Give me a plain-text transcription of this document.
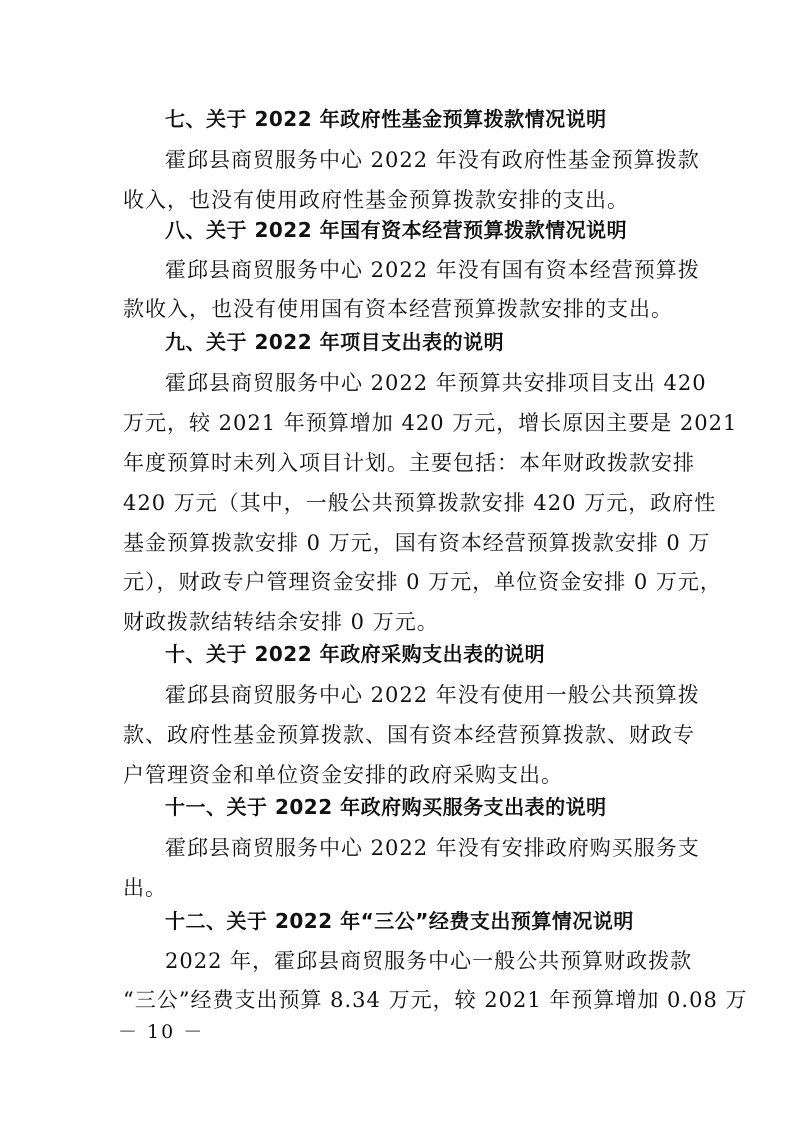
七、关于 2022 年政府性基金预算拨款情况说明
霍邱县商贸服务中心 2022 年没有政府性基金预算拨款
收入，也没有使用政府性基金预算拨款安排的支出。
八、关于 2022 年国有资本经营预算拨款情况说明
霍邱县商贸服务中心 2022 年没有国有资本经营预算拨
款收入，也没有使用国有资本经营预算拨款安排的支出。
九、关于 2022 年项目支出表的说明
霍邱县商贸服务中心 2022 年预算共安排项目支出 420
万元，较 2021 年预算增加 420 万元，增长原因主要是 2021
年度预算时未列入项目计划。主要包括：本年财政拨款安排
420 万元（其中，一般公共预算拨款安排 420 万元，政府性
基金预算拨款安排 0 万元，国有资本经营预算拨款安排 0 万
元），财政专户管理资金安排 0 万元，单位资金安排 0 万元，
财政拨款结转结余安排 0 万元。
十、关于 2022 年政府采购支出表的说明
霍邱县商贸服务中心 2022 年没有使用一般公共预算拨
款、政府性基金预算拨款、国有资本经营预算拨款、财政专
户管理资金和单位资金安排的政府采购支出。
十一、关于 2022 年政府购买服务支出表的说明
霍邱县商贸服务中心 2022 年没有安排政府购买服务支
出。
十二、关于 2022 年“三公”经费支出预算情况说明
2022 年，霍邱县商贸服务中心一般公共预算财政拨款
“三公”经费支出预算 8.34 万元，较 2021 年预算增加 0.08 万
－ 10 －
